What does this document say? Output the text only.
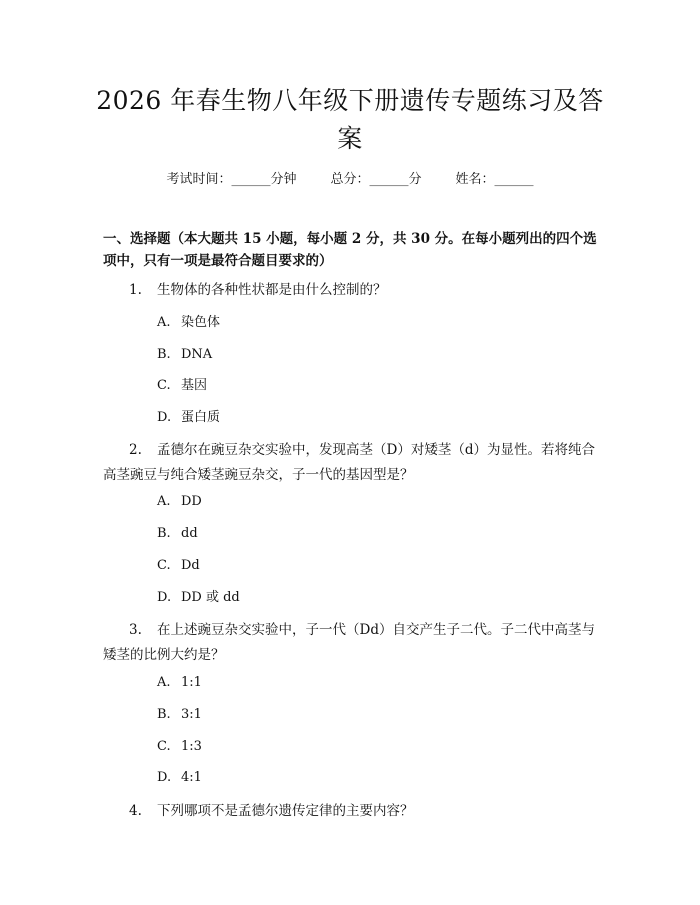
2026 年春生物八年级下册遗传专题练习及答案
考试时间：______分钟	总分：______分	姓名：______
一、选择题（本大题共 15 小题，每小题 2 分，共 30 分。在每小题列出的四个选项中，只有一项是最符合题目要求的）
1. 生物体的各种性状都是由什么控制的？
A. 染色体
B. DNA
C. 基因
D. 蛋白质
2. 孟德尔在豌豆杂交实验中，发现高茎（D）对矮茎（d）为显性。若将纯合高茎豌豆与纯合矮茎豌豆杂交，子一代的基因型是？
A. DD
B. dd
C. Dd
D. DD 或 dd
3. 在上述豌豆杂交实验中，子一代（Dd）自交产生子二代。子二代中高茎与矮茎的比例大约是？
A. 1:1
B. 3:1
C. 1:3
D. 4:1
4. 下列哪项不是孟德尔遗传定律的主要内容？
